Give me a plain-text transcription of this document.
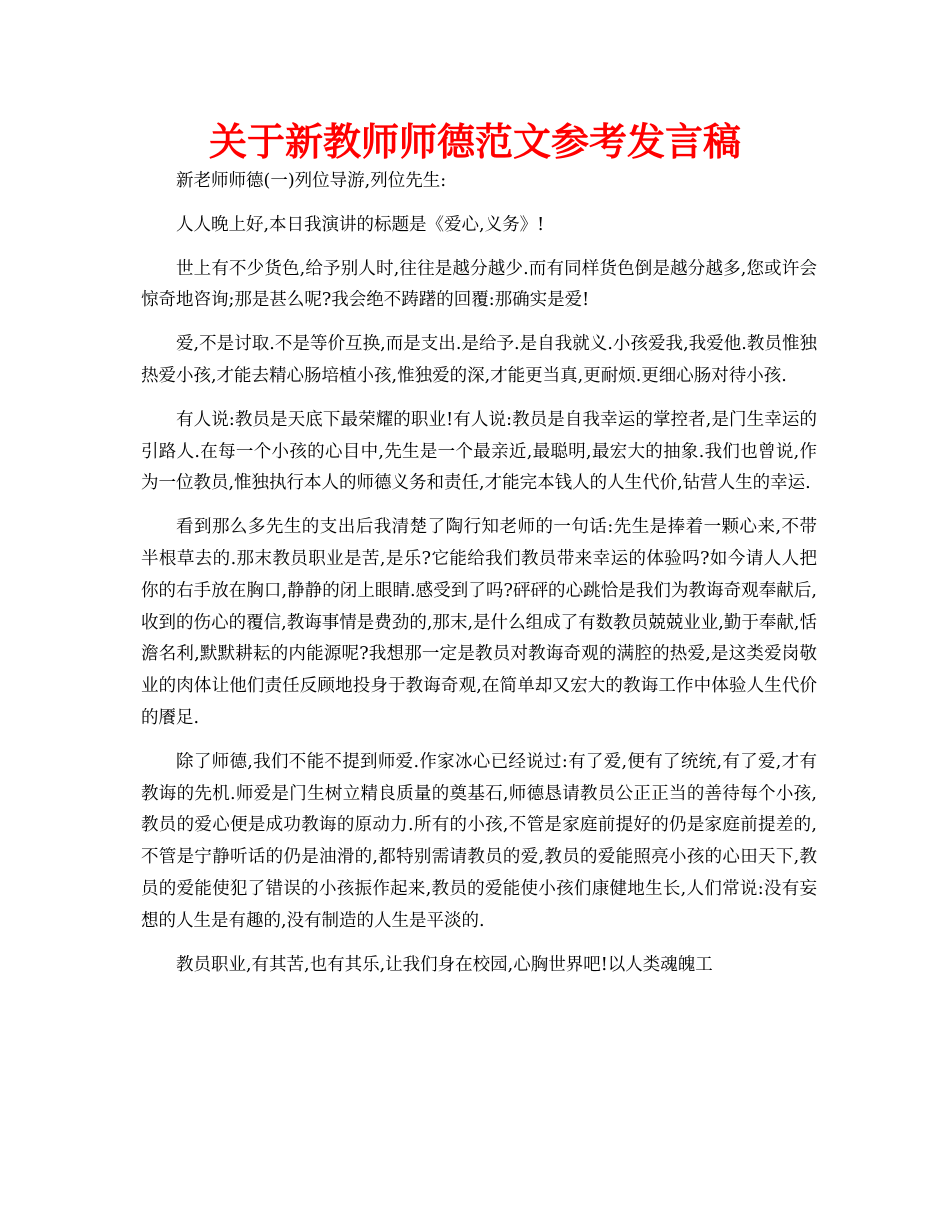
关于新教师师德范文参考发言稿

新老师师德(一)列位导游,列位先生:

人人晚上好,本日我演讲的标题是《爱心,义务》!

世上有不少货色,给予别人时,往往是越分越少.而有同样货色倒是越分越多,您或许会惊奇地咨询;那是甚么呢?我会绝不踌躇的回覆:那确实是爱!

爱,不是讨取.不是等价互换,而是支出.是给予.是自我就义.小孩爱我,我爱他.教员惟独热爱小孩,才能去精心肠培植小孩,惟独爱的深,才能更当真,更耐烦.更细心肠对待小孩.

有人说:教员是天底下最荣耀的职业!有人说:教员是自我幸运的掌控者,是门生幸运的引路人.在每一个小孩的心目中,先生是一个最亲近,最聪明,最宏大的抽象.我们也曾说,作为一位教员,惟独执行本人的师德义务和责任,才能完本钱人的人生代价,钻营人生的幸运.

看到那么多先生的支出后我清楚了陶行知老师的一句话:先生是捧着一颗心来,不带半根草去的.那末教员职业是苦,是乐?它能给我们教员带来幸运的体验吗?如今请人人把你的右手放在胸口,静静的闭上眼睛.感受到了吗?砰砰的心跳恰是我们为教诲奇观奉献后,收到的伤心的覆信,教诲事情是费劲的,那末,是什么组成了有数教员兢兢业业,勤于奉献,恬澹名利,默默耕耘的内能源呢?我想那一定是教员对教诲奇观的满腔的热爱,是这类爱岗敬业的肉体让他们责任反顾地投身于教诲奇观,在简单却又宏大的教诲工作中体验人生代价的餍足.

除了师德,我们不能不提到师爱.作家冰心已经说过:有了爱,便有了统统,有了爱,才有教诲的先机.师爱是门生树立精良质量的奠基石,师德恳请教员公正正当的善待每个小孩,教员的爱心便是成功教诲的原动力.所有的小孩,不管是家庭前提好的仍是家庭前提差的,不管是宁静听话的仍是油滑的,都特别需请教员的爱,教员的爱能照亮小孩的心田天下,教员的爱能使犯了错误的小孩振作起来,教员的爱能使小孩们康健地生长,人们常说:没有妄想的人生是有趣的,没有制造的人生是平淡的.

教员职业,有其苦,也有其乐,让我们身在校园,心胸世界吧!以人类魂魄工
